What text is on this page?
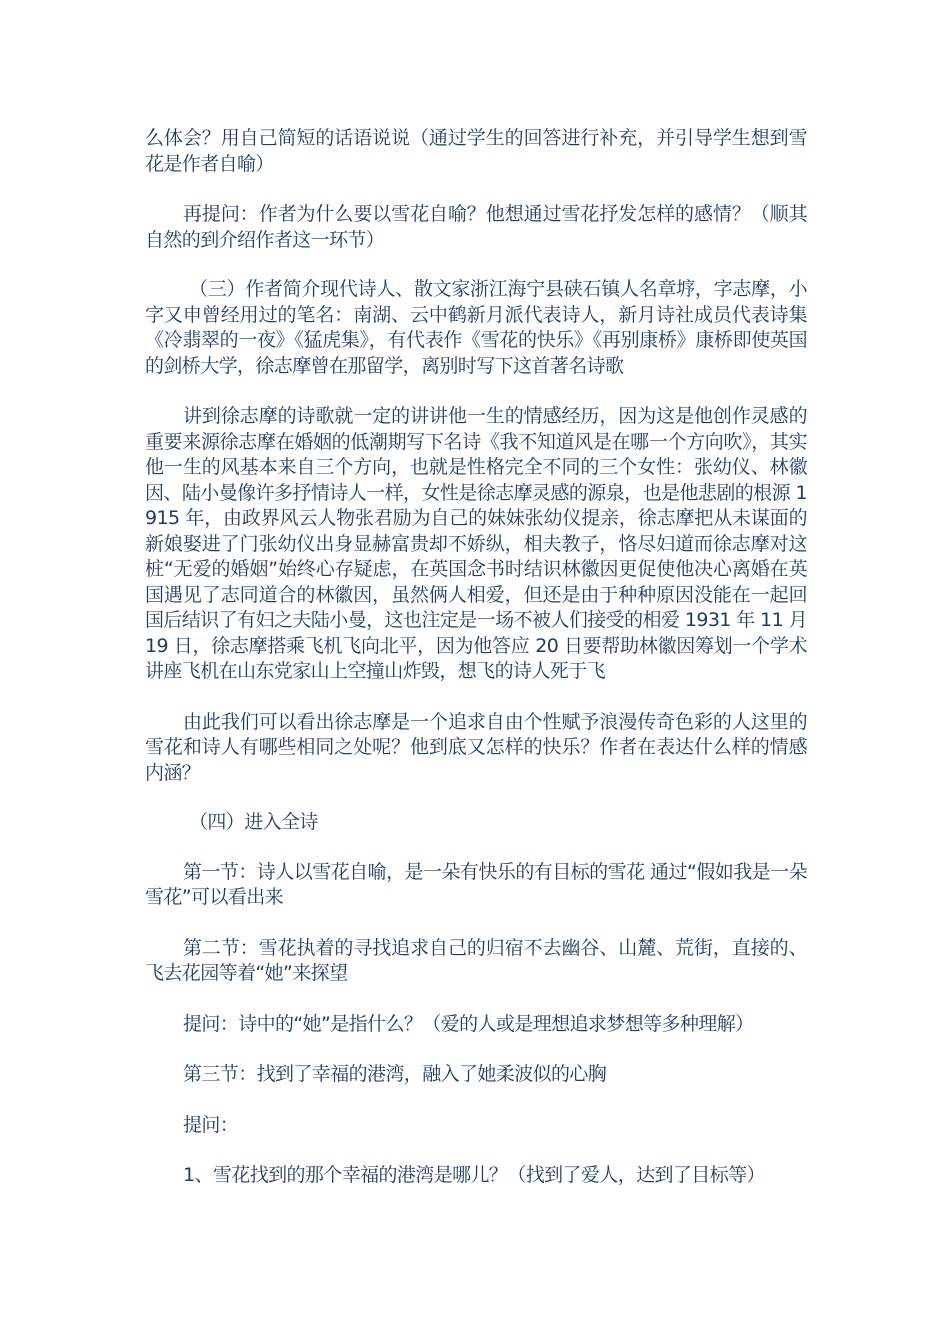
么体会？用自己简短的话语说说（通过学生的回答进行补充，并引导学生想到雪花是作者自喻）

再提问：作者为什么要以雪花自喻？他想通过雪花抒发怎样的感情？（顺其自然的到介绍作者这一环节）

（三）作者简介现代诗人、散文家浙江海宁县硖石镇人名章垿，字志摩，小字又申曾经用过的笔名：南湖、云中鹤新月派代表诗人，新月诗社成员代表诗集《冷翡翠的一夜》《猛虎集》，有代表作《雪花的快乐》《再别康桥》康桥即使英国的剑桥大学，徐志摩曾在那留学，离别时写下这首著名诗歌

讲到徐志摩的诗歌就一定的讲讲他一生的情感经历，因为这是他创作灵感的重要来源徐志摩在婚姻的低潮期写下名诗《我不知道风是在哪一个方向吹》，其实他一生的风基本来自三个方向，也就是性格完全不同的三个女性：张幼仪、林徽因、陆小曼像许多抒情诗人一样，女性是徐志摩灵感的源泉，也是他悲剧的根源 1915 年，由政界风云人物张君励为自己的妹妹张幼仪提亲，徐志摩把从未谋面的新娘娶进了门张幼仪出身显赫富贵却不娇纵，相夫教子，恪尽妇道而徐志摩对这桩“无爱的婚姻”始终心存疑虑，在英国念书时结识林徽因更促使他决心离婚在英国遇见了志同道合的林徽因，虽然俩人相爱，但还是由于种种原因没能在一起回国后结识了有妇之夫陆小曼，这也注定是一场不被人们接受的相爱 1931 年 11 月 19 日，徐志摩搭乘飞机飞向北平，因为他答应 20 日要帮助林徽因筹划一个学术讲座飞机在山东党家山上空撞山炸毁，想飞的诗人死于飞

由此我们可以看出徐志摩是一个追求自由个性赋予浪漫传奇色彩的人这里的雪花和诗人有哪些相同之处呢？他到底又怎样的快乐？作者在表达什么样的情感内涵？

（四）进入全诗

第一节：诗人以雪花自喻，是一朵有快乐的有目标的雪花 通过“假如我是一朵雪花”可以看出来

第二节：雪花执着的寻找追求自己的归宿不去幽谷、山麓、荒街，直接的、飞去花园等着“她”来探望

提问：诗中的“她”是指什么？（爱的人或是理想追求梦想等多种理解）

第三节：找到了幸福的港湾，融入了她柔波似的心胸

提问：

1、雪花找到的那个幸福的港湾是哪儿？（找到了爱人，达到了目标等）
